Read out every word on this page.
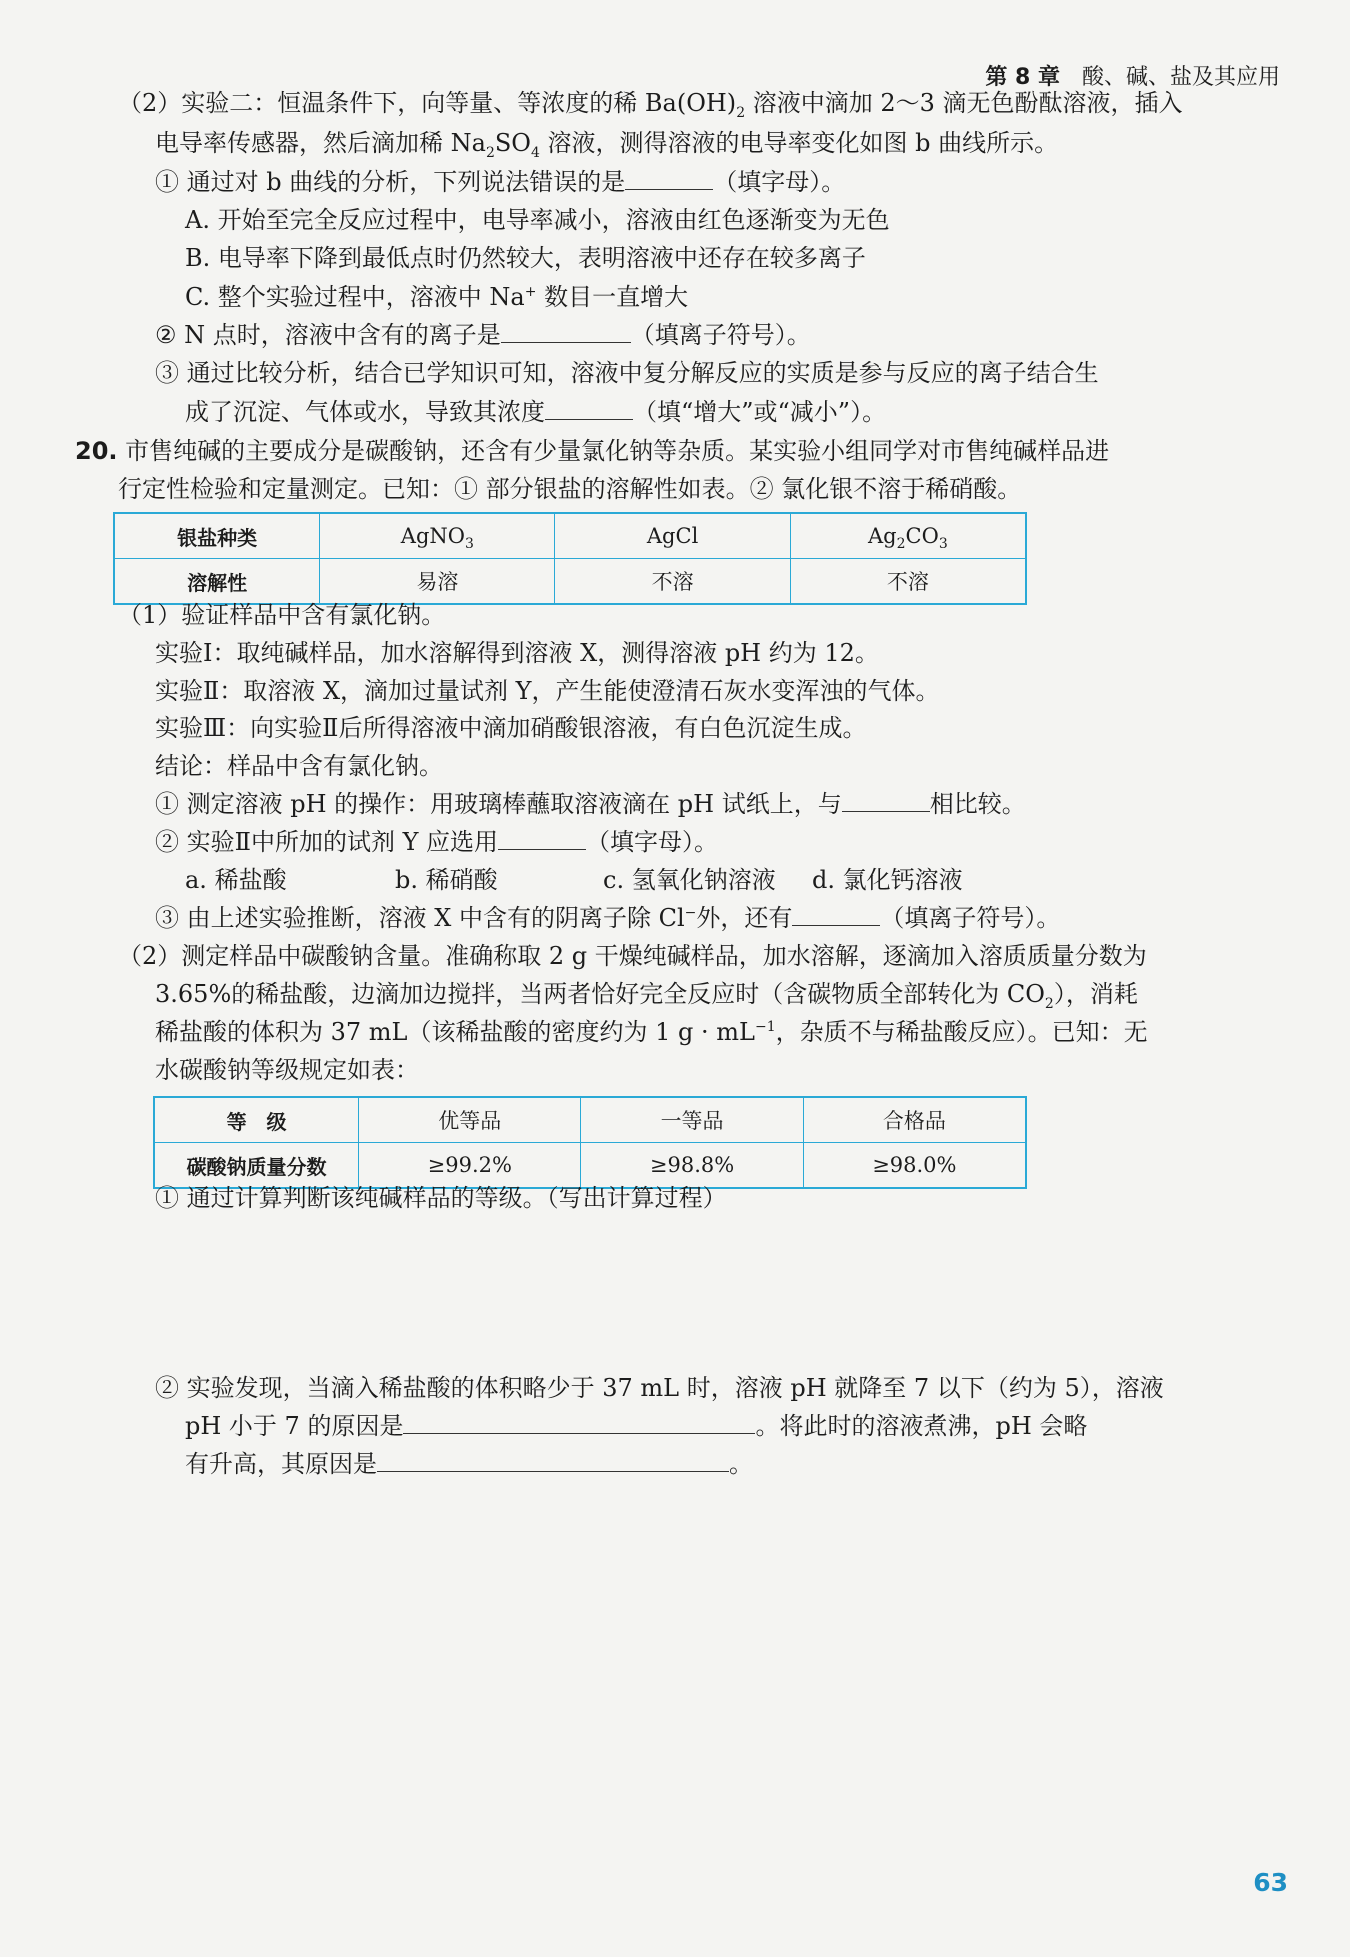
第 8 章 酸、碱、盐及其应用
（2）实验二：恒温条件下，向等量、等浓度的稀 $Ba(OH)_2$ 溶液中滴加 2～3 滴无色酚酞溶液，插入
电导率传感器，然后滴加稀 $Na_2SO_4$ 溶液，测得溶液的电导率变化如图 b 曲线所示。
① 通过对 b 曲线的分析，下列说法错误的是	（填字母）。
A. 开始至完全反应过程中，电导率减小，溶液由红色逐渐变为无色
B. 电导率下降到最低点时仍然较大，表明溶液中还存在较多离子
C. 整个实验过程中，溶液中 Na+ 数目一直增大
② N 点时，溶液中含有的离子是	（填离子符号）。
③ 通过比较分析，结合已学知识可知，溶液中复分解反应的实质是参与反应的离子结合生
成了沉淀、气体或水，导致其浓度	（填“增大”或“减小”）。
20. 市售纯碱的主要成分是碳酸钠，还含有少量氯化钠等杂质。某实验小组同学对市售纯碱样品进
行定性检验和定量测定。已知：① 部分银盐的溶解性如表。② 氯化银不溶于稀硝酸。
银盐种类	AgNO$_3$	AgCl	$Ag_2CO_3$
溶解性	易溶	不溶	不溶
（1）验证样品中含有氯化钠。
实验Ⅰ：取纯碱样品，加水溶解得到溶液 X，测得溶液 pH 约为 12。
实验Ⅱ：取溶液 X，滴加过量试剂 Y，产生能使澄清石灰水变浑浊的气体。
实验Ⅲ：向实验Ⅱ后所得溶液中滴加硝酸银溶液，有白色沉淀生成。
结论：样品中含有氯化钠。
① 测定溶液 pH 的操作：用玻璃棒蘸取溶液滴在 pH 试纸上，与	相比较。
② 实验Ⅱ中所加的试剂 Y 应选用	（填字母）。
a. 稀盐酸	b. 稀硝酸	c. 氢氧化钠溶液 d. 氯化钙溶液
③ 由上述实验推断，溶液 X 中含有的阴离子除 Cl−外，还有	（填离子符号）。
（2）测定样品中碳酸钠含量。准确称取 2 g 干燥纯碱样品，加水溶解，逐滴加入溶质质量分数为
3.65%的稀盐酸，边滴加边搅拌，当两者恰好完全反应时（含碳物质全部转化为 $CO_2$），消耗
稀盐酸的体积为 37 mL（该稀盐酸的密度约为 1 $g \cdot mL^{-1}$，杂质不与稀盐酸反应）。已知：无
水碳酸钠等级规定如表：
等　级	优等品	一等品	合格品
碳酸钠质量分数	≥99.2%	≥98.8%	≥98.0%
① 通过计算判断该纯碱样品的等级。（写出计算过程）
② 实验发现，当滴入稀盐酸的体积略少于 37 mL 时，溶液 pH 就降至 7 以下（约为 5），溶液
pH 小于 7 的原因是	。将此时的溶液煮沸，pH 会略
有升高，其原因是	。
63
